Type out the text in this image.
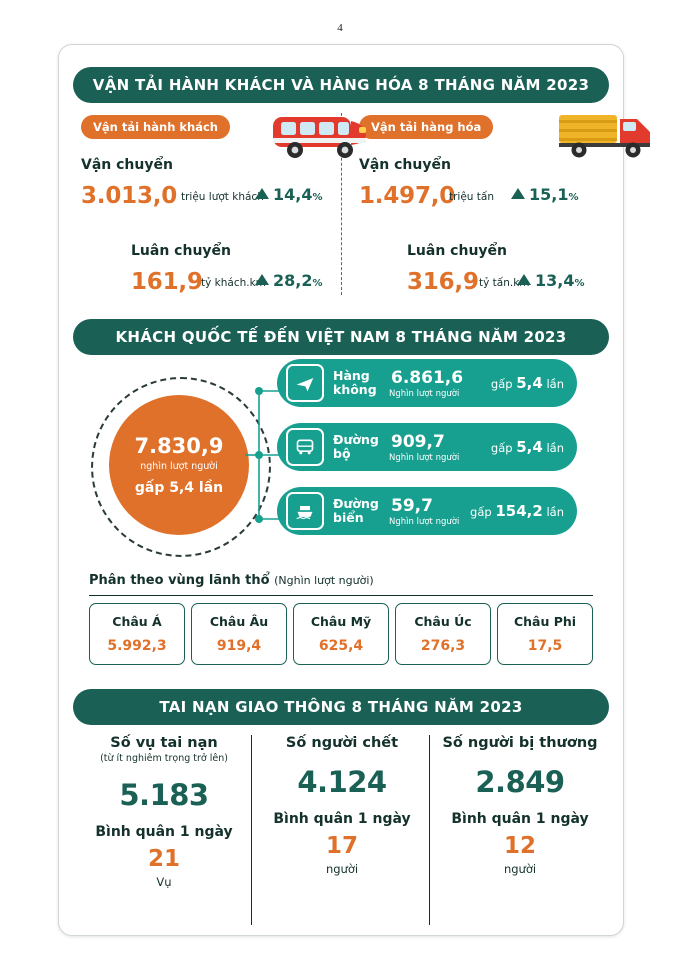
4
VẬN TẢI HÀNH KHÁCH VÀ HÀNG HÓA 8 THÁNG NĂM 2023
Vận tải hành khách	Vận tải hàng hóa
Vận chuyển
3.013,0 triệu lượt khách 14,4%
Luân chuyển
161,9
tỷ khách.km 28,2%
Vận chuyển
1.497,0
triệu tấn	15,1%
Luân chuyển
316,9 tỷ tấn.km 13,4%
KHÁCH QUỐC TẾ ĐẾN VIỆT NAM 8 THÁNG NĂM 2023
7.830,9
nghìn lượt người
gấp 5,4 lần
Hàng không
6.861,6
Nghìn lượt người
gấp 5,4 lần
Đường bộ
909,7
Nghìn lượt người
gấp 5,4 lần
Đường biển
59,7
Nghìn lượt người
gấp 154,2 lần
Phân theo vùng lãnh thổ (Nghìn lượt người)
Châu Á
5.992,3
Châu Âu
919,4
Châu Mỹ
625,4
Châu Úc
276,3
Châu Phi
17,5
TAI NẠN GIAO THÔNG 8 THÁNG NĂM 2023
Số vụ tai nạn
(từ ít nghiêm trọng trở lên)
5.183
Bình quân 1 ngày
21
Vụ
Số người chết
4.124
Bình quân 1 ngày
17
người
Số người bị thương
2.849
Bình quân 1 ngày
12
người
